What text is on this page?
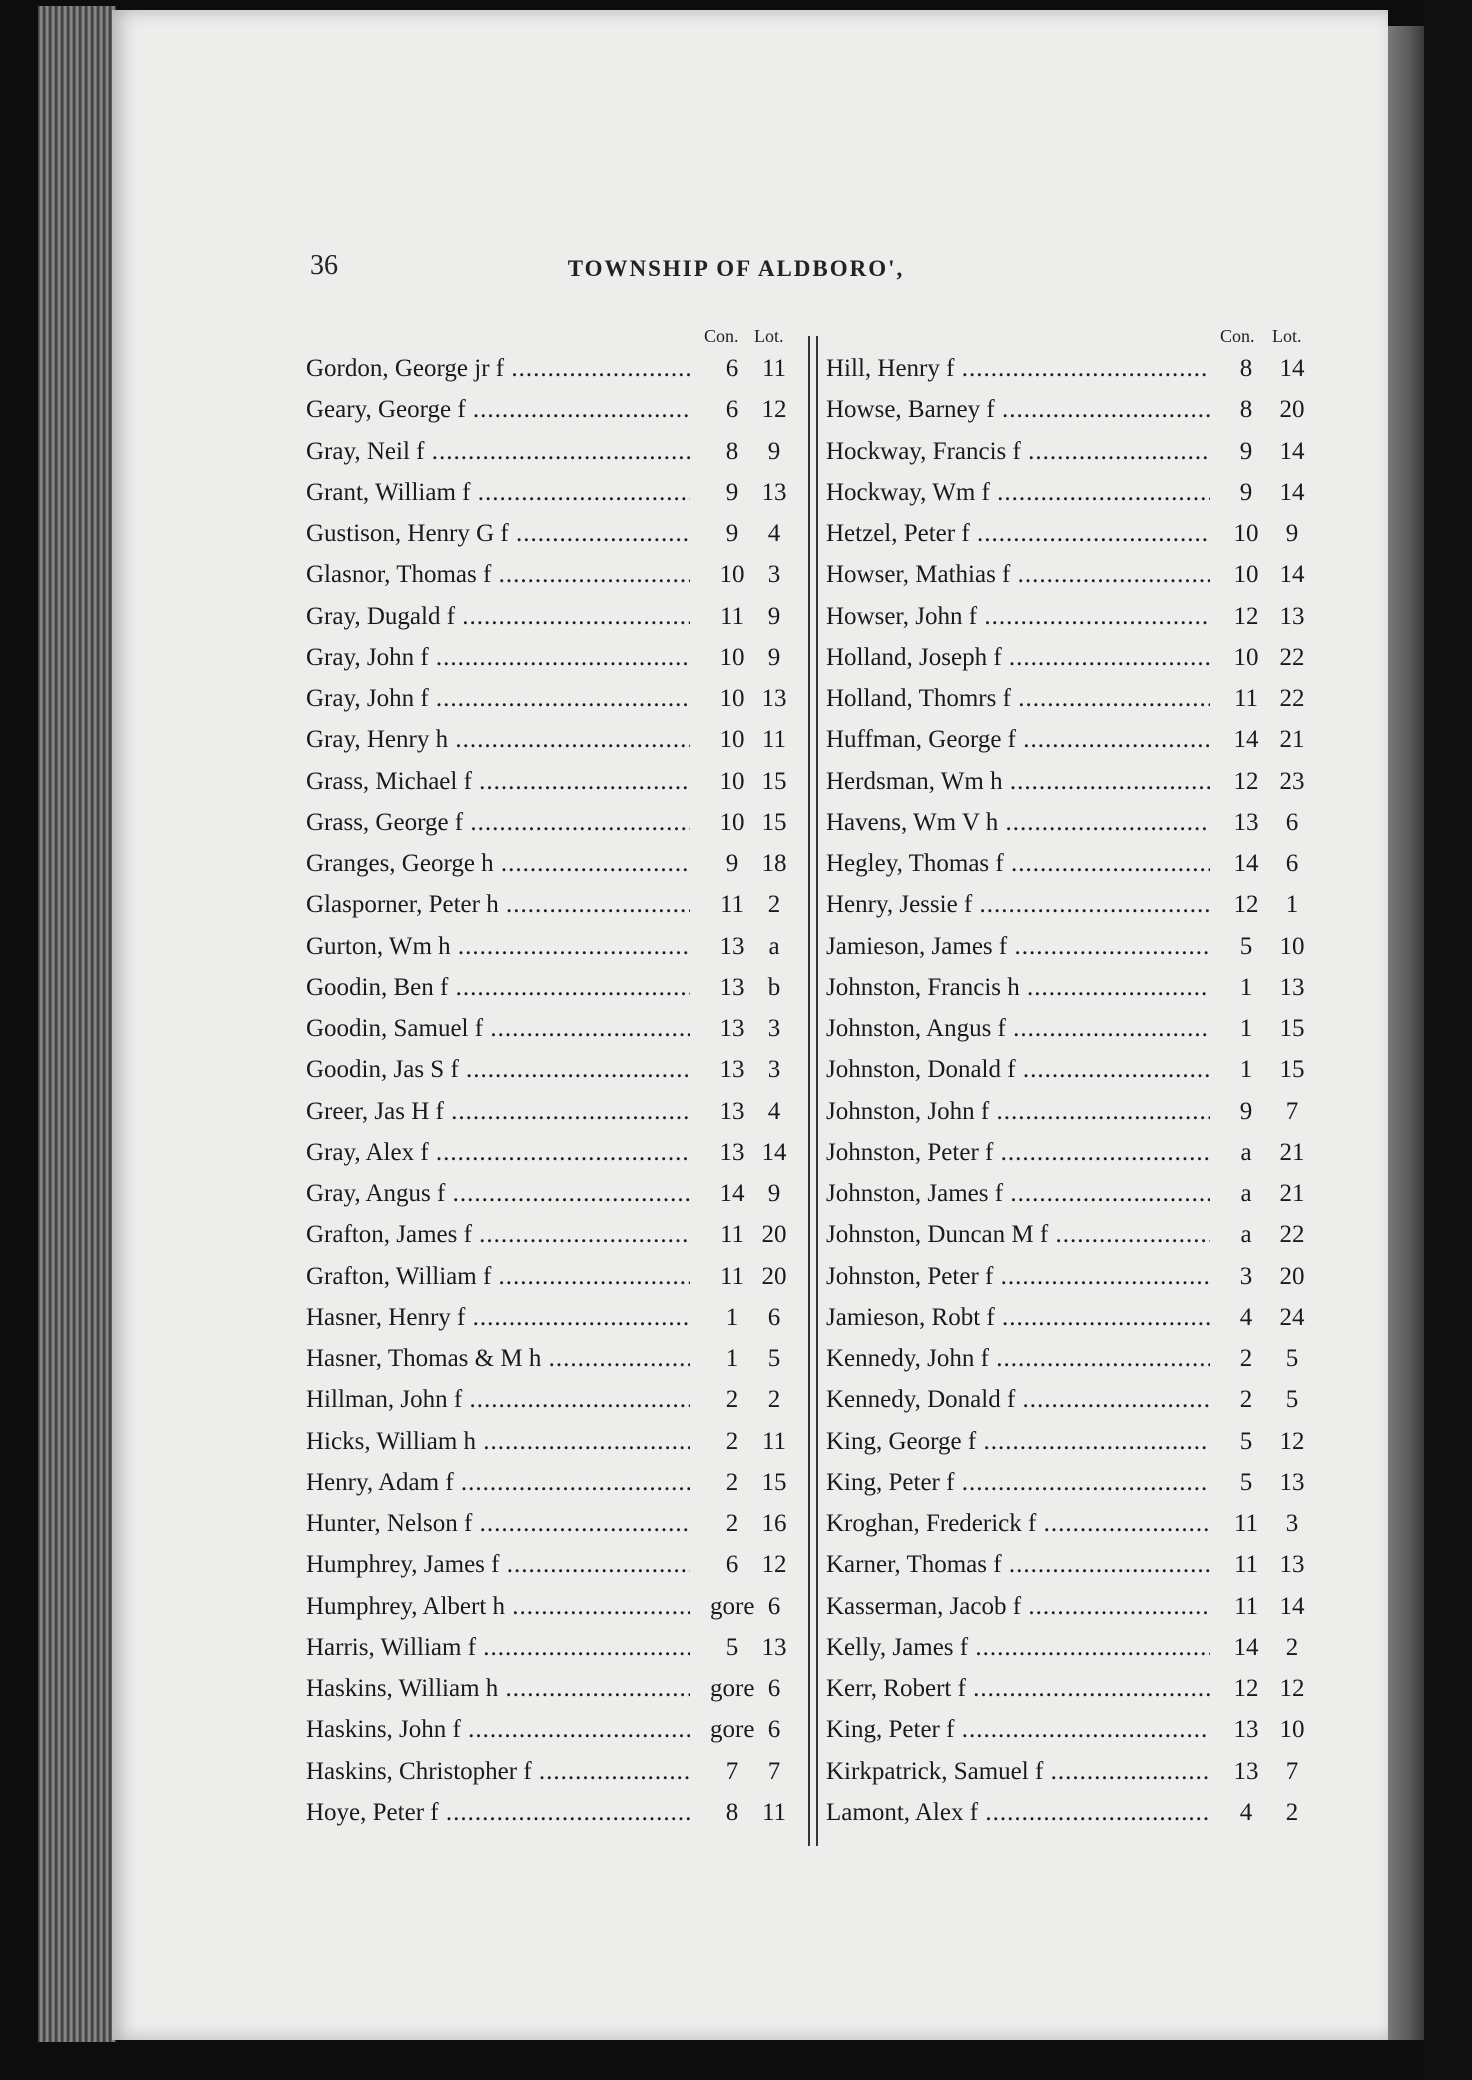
36	TOWNSHIP OF ALDBORO',
Con. Lot.
Gordon, George jr f .....	6 11
Geary, George f .....	6 12
Gray, Neil f .....	8	9
Grant, William f .....	9 13
Gustison, Henry G f .....	9	4
Glasnor, Thomas f .....	10 3
Gray, Dugald f .....	11 9
Gray, John f .....	10 9
Gray, John f .....	10 13
Gray, Henry h .....	10 11
Grass, Michael f .....	10 15
Grass, George f .....	10 15
Granges, George h .....	9 18
Glasporner, Peter h .....	11 2
Gurton, Wm h .....	13 a
Goodin, Ben f .....	13 b
Goodin, Samuel f .....	13 3
Goodin, Jas S f .....	13 3
Greer, Jas H f .....	13 4
Gray, Alex f .....	13 14
Gray, Angus f .....	14 9
Grafton, James f .....	11 20
Grafton, William f .....	11 20
Hasner, Henry f .....	1	6
Hasner, Thomas & M h .....	1	5
Hillman, John f .....	2	2
Hicks, William h .....	2 11
Henry, Adam f .....	2 15
Hunter, Nelson f .....	2 16
Humphrey, James f .....	6 12
Humphrey, Albert h .....	gore 6
Harris, William f .....	5 13
Haskins, William h .....	gore 6
Haskins, John f .....	gore 6
Haskins, Christopher f .....	7	7
Hoye, Peter f .....	8 11
Con. Lot.
Hill, Henry f .....	8	14
Howse, Barney f .....	8	20
Hockway, Francis f .....	9	14
Hockway, Wm f .....	9	14
Hetzel, Peter f .....	10	9
Howser, Mathias f .....	10 14
Howser, John f .....	12 13
Holland, Joseph f .....	10 22
Holland, Thomrs f .....	11 22
Huffman, George f .....	14 21
Herdsman, Wm h .....	12 23
Havens, Wm V h .....	13	6
Hegley, Thomas f .....	14	6
Henry, Jessie f .....	12	1
Jamieson, James f .....	5	10
Johnston, Francis h .....	1	13
Johnston, Angus f .....	1	15
Johnston, Donald f .....	1	15
Johnston, John f .....	9	7
Johnston, Peter f .....	a	21
Johnston, James f .....	a	21
Johnston, Duncan M f .....	a	22
Johnston, Peter f .....	3	20
Jamieson, Robt f .....	4	24
Kennedy, John f .....	2	5
Kennedy, Donald f .....	2	5
King, George f .....	5	12
King, Peter f .....	5	13
Kroghan, Frederick f .....	11	3
Karner, Thomas f .....	11 13
Kasserman, Jacob f .....	11 14
Kelly, James f .....	14	2
Kerr, Robert f .....	12 12
King, Peter f .....	13 10
Kirkpatrick, Samuel f .....	13	7
Lamont, Alex f .....	4	2
